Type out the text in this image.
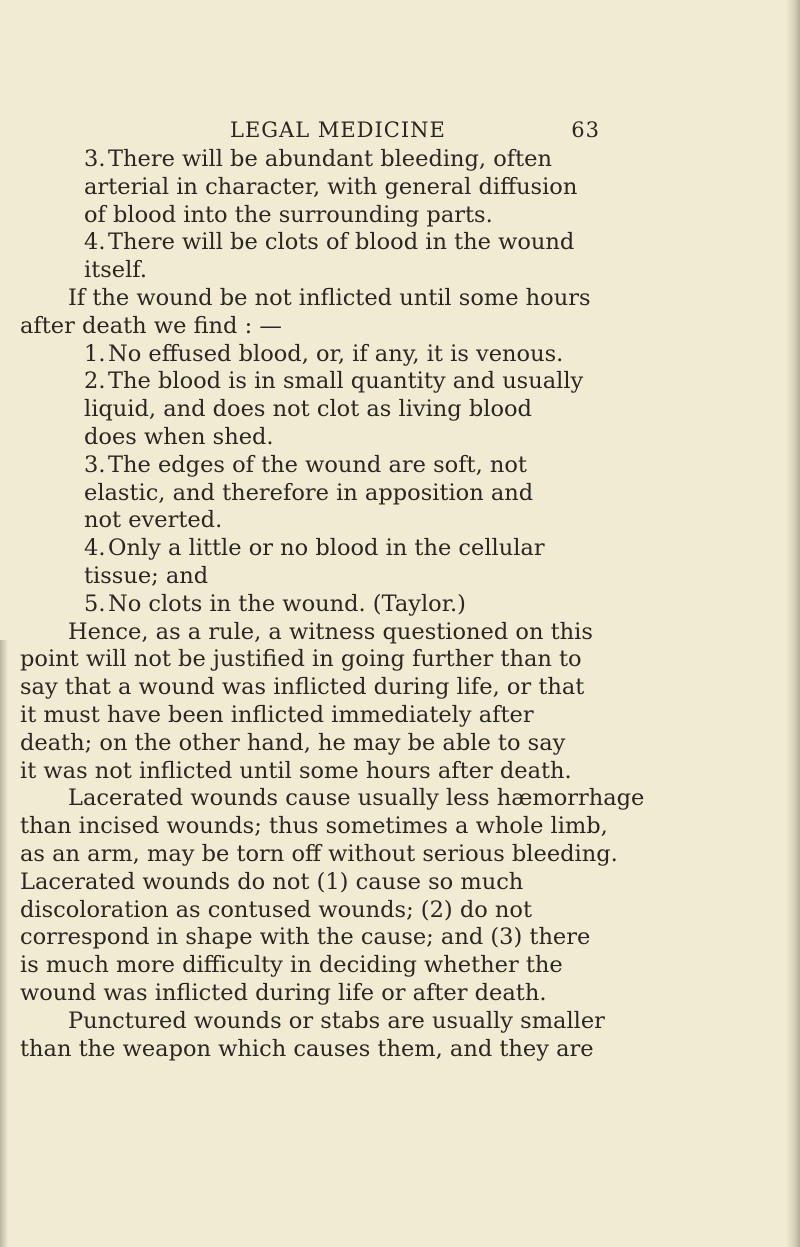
LEGAL MEDICINE	63
3. There will be abundant bleeding, often
arterial in character, with general diffusion
of blood into the surrounding parts.
4. There will be clots of blood in the wound
itself.
If the wound be not inflicted until some hours
after death we find : —
1. No effused blood, or, if any, it is venous.
2. The blood is in small quantity and usually
liquid, and does not clot as living blood
does when shed.
3. The edges of the wound are soft, not
elastic, and therefore in apposition and
not everted.
4. Only a little or no blood in the cellular
tissue; and
5. No clots in the wound. (Taylor.)
Hence, as a rule, a witness questioned on this
point will not be justified in going further than to
say that a wound was inflicted during life, or that
it must have been inflicted immediately after
death; on the other hand, he may be able to say
it was not inflicted until some hours after death.
Lacerated wounds cause usually less hæmorrhage
than incised wounds; thus sometimes a whole limb,
as an arm, may be torn off without serious bleeding.
Lacerated wounds do not (1) cause so much
discoloration as contused wounds; (2) do not
correspond in shape with the cause; and (3) there
is much more difficulty in deciding whether the
wound was inflicted during life or after death.
Punctured wounds or stabs are usually smaller
than the weapon which causes them, and they are
